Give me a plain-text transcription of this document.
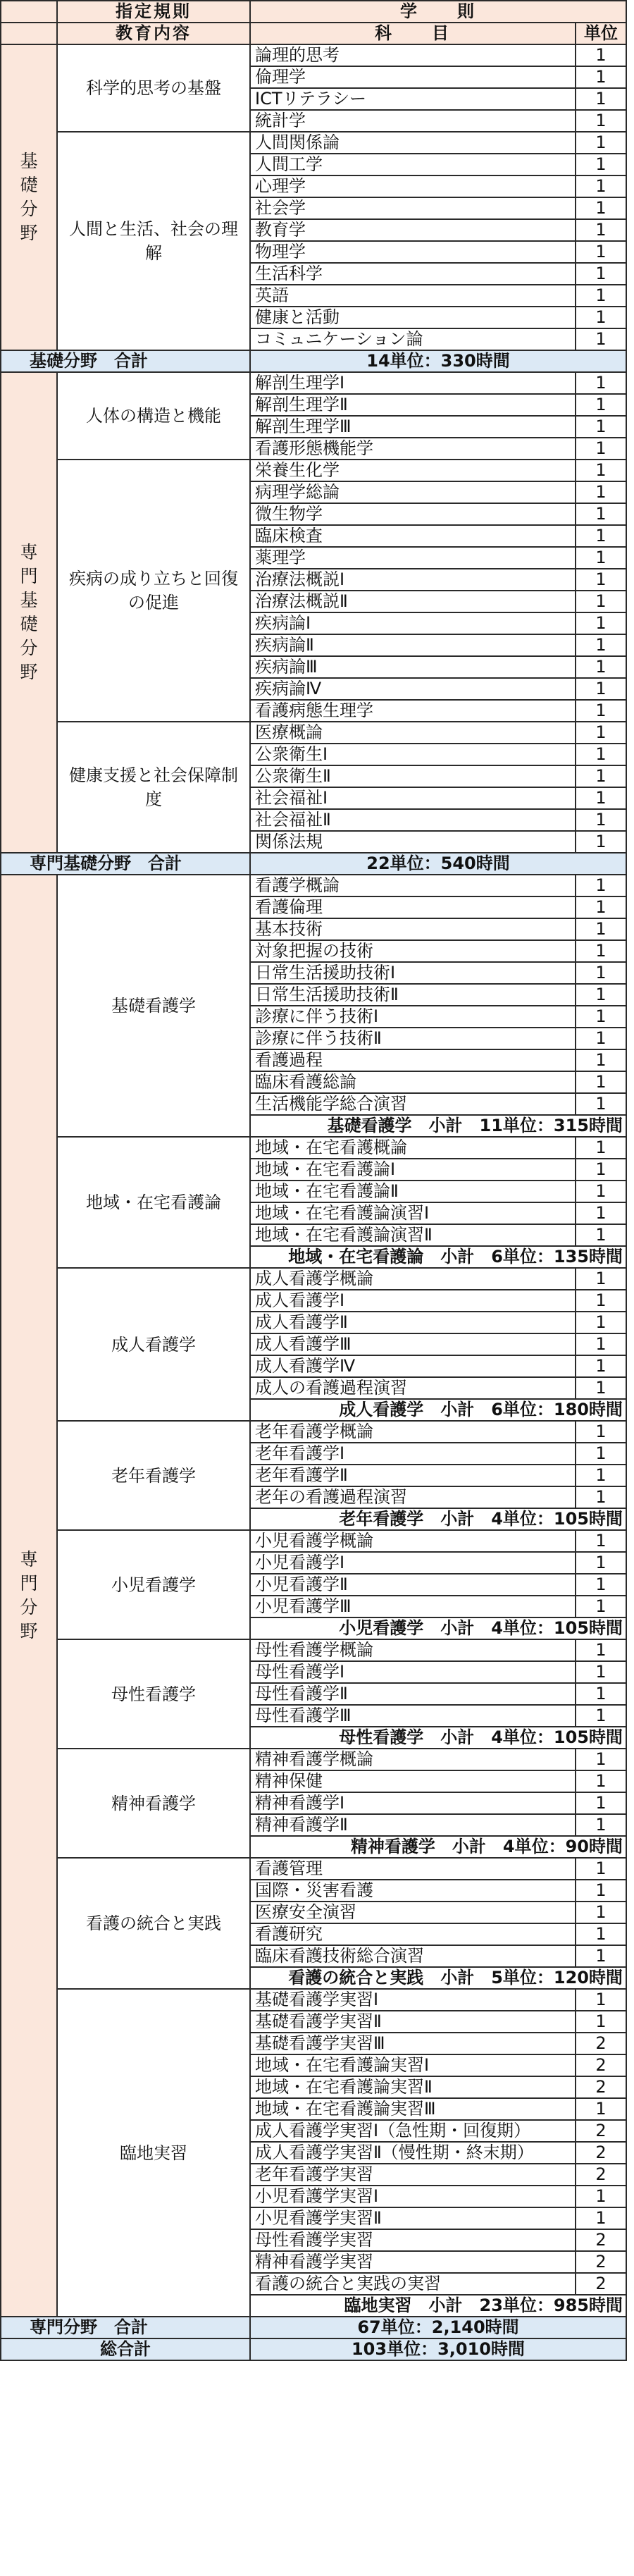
	指定規則	学　　則	
	教育内容	科　　目	単位

基礎分野	科学的思考の基盤	論理的思考	1
		倫理学	1
		ICTリテラシー	1
		統計学	1
	人間と生活、社会の理解	人間関係論	1
		人間工学	1
		心理学	1
		社会学	1
		教育学	1
		物理学	1
		生活科学	1
		英語	1
		健康と活動	1
		コミュニケーション論	1
基礎分野　合計		14単位：330時間	

専門基礎分野	人体の構造と機能	解剖生理学Ⅰ	1
		解剖生理学Ⅱ	1
		解剖生理学Ⅲ	1
		看護形態機能学	1
	疾病の成り立ちと回復の促進	栄養生化学	1
		病理学総論	1
		微生物学	1
		臨床検査	1
		薬理学	1
		治療法概説Ⅰ	1
		治療法概説Ⅱ	1
		疾病論Ⅰ	1
		疾病論Ⅱ	1
		疾病論Ⅲ	1
		疾病論Ⅳ	1
		看護病態生理学	1
	健康支援と社会保障制度	医療概論	1
		公衆衛生Ⅰ	1
		公衆衛生Ⅱ	1
		社会福祉Ⅰ	1
		社会福祉Ⅱ	1
		関係法規	1
専門基礎分野　合計		22単位：540時間	

専門分野	基礎看護学	看護学概論	1
		看護倫理	1
		基本技術	1
		対象把握の技術	1
		日常生活援助技術Ⅰ	1
		日常生活援助技術Ⅱ	1
		診療に伴う技術Ⅰ	1
		診療に伴う技術Ⅱ	1
		看護過程	1
		臨床看護総論	1
		生活機能学総合演習	1
		基礎看護学　小計　11単位：315時間	
	地域・在宅看護論	地域・在宅看護概論	1
		地域・在宅看護論Ⅰ	1
		地域・在宅看護論Ⅱ	1
		地域・在宅看護論演習Ⅰ	1
		地域・在宅看護論演習Ⅱ	1
		地域・在宅看護論　小計　6単位：135時間	
	成人看護学	成人看護学概論	1
		成人看護学Ⅰ	1
		成人看護学Ⅱ	1
		成人看護学Ⅲ	1
		成人看護学Ⅳ	1
		成人の看護過程演習	1
		成人看護学　小計　6単位：180時間	
	老年看護学	老年看護学概論	1
		老年看護学Ⅰ	1
		老年看護学Ⅱ	1
		老年の看護過程演習	1
		老年看護学　小計　4単位：105時間	
	小児看護学	小児看護学概論	1
		小児看護学Ⅰ	1
		小児看護学Ⅱ	1
		小児看護学Ⅲ	1
		小児看護学　小計　4単位：105時間	
	母性看護学	母性看護学概論	1
		母性看護学Ⅰ	1
		母性看護学Ⅱ	1
		母性看護学Ⅲ	1
		母性看護学　小計　4単位：105時間	
	精神看護学	精神看護学概論	1
		精神保健	1
		精神看護学Ⅰ	1
		精神看護学Ⅱ	1
		精神看護学　小計　4単位：90時間	
	看護の統合と実践	看護管理	1
		国際・災害看護	1
		医療安全演習	1
		看護研究	1
		臨床看護技術総合演習	1
		看護の統合と実践　小計　5単位：120時間	
	臨地実習	基礎看護学実習Ⅰ	1
		基礎看護学実習Ⅱ	1
		基礎看護学実習Ⅲ	2
		地域・在宅看護論実習Ⅰ	2
		地域・在宅看護論実習Ⅱ	2
		地域・在宅看護論実習Ⅲ	1
		成人看護学実習Ⅰ（急性期・回復期）	2
		成人看護学実習Ⅱ（慢性期・終末期）	2
		老年看護学実習	2
		小児看護学実習Ⅰ	1
		小児看護学実習Ⅱ	1
		母性看護学実習	2
		精神看護学実習	2
		看護の統合と実践の実習	2
		臨地実習　小計　23単位：985時間	
専門分野　合計		67単位：2,140時間	
総合計		103単位：3,010時間	
